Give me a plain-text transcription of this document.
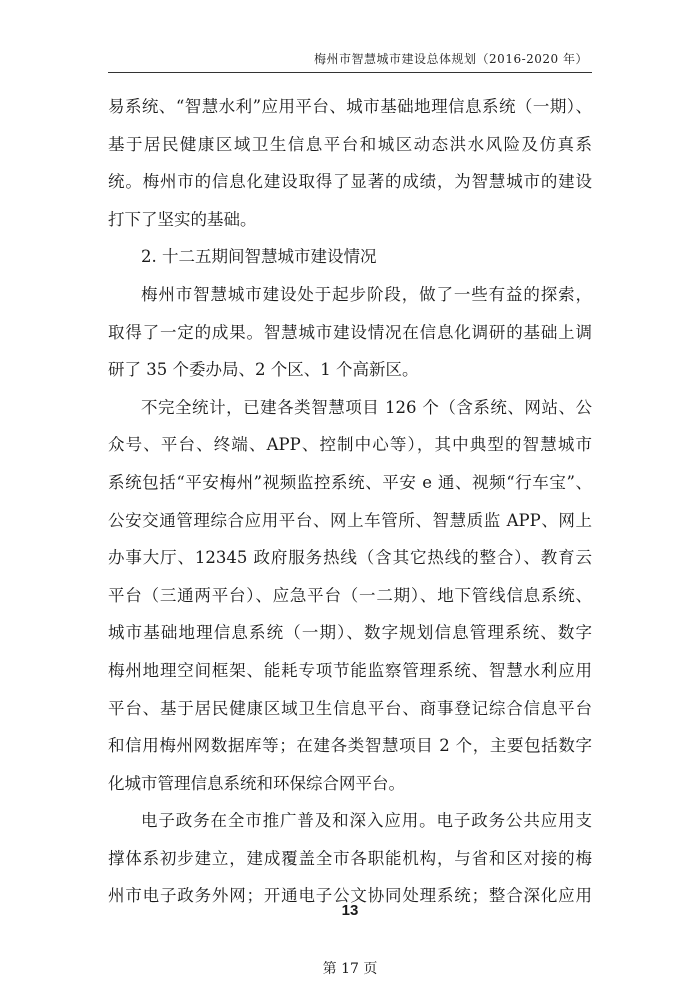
梅州市智慧城市建设总体规划（2016-2020 年）
易系统、“智慧水利”应用平台、城市基础地理信息系统（一期）、
基于居民健康区域卫生信息平台和城区动态洪水风险及仿真系
统。梅州市的信息化建设取得了显著的成绩，为智慧城市的建设
打下了坚实的基础。
2. 十二五期间智慧城市建设情况
梅州市智慧城市建设处于起步阶段，做了一些有益的探索，
取得了一定的成果。智慧城市建设情况在信息化调研的基础上调
研了 35 个委办局、2 个区、1 个高新区。
不完全统计，已建各类智慧项目 126 个（含系统、网站、公
众号、平台、终端、APP、控制中心等），其中典型的智慧城市
系统包括“平安梅州”视频监控系统、平安 e 通、视频“行车宝”、
公安交通管理综合应用平台、网上车管所、智慧质监 APP、网上
办事大厅、12345 政府服务热线（含其它热线的整合）、教育云
平台（三通两平台）、应急平台（一二期）、地下管线信息系统、
城市基础地理信息系统（一期）、数字规划信息管理系统、数字
梅州地理空间框架、能耗专项节能监察管理系统、智慧水利应用
平台、基于居民健康区域卫生信息平台、商事登记综合信息平台
和信用梅州网数据库等；在建各类智慧项目 2 个，主要包括数字
化城市管理信息系统和环保综合网平台。
电子政务在全市推广普及和深入应用。电子政务公共应用支
撑体系初步建立，建成覆盖全市各职能机构，与省和区对接的梅
州市电子政务外网；开通电子公文协同处理系统；整合深化应用
13
第 17 页
